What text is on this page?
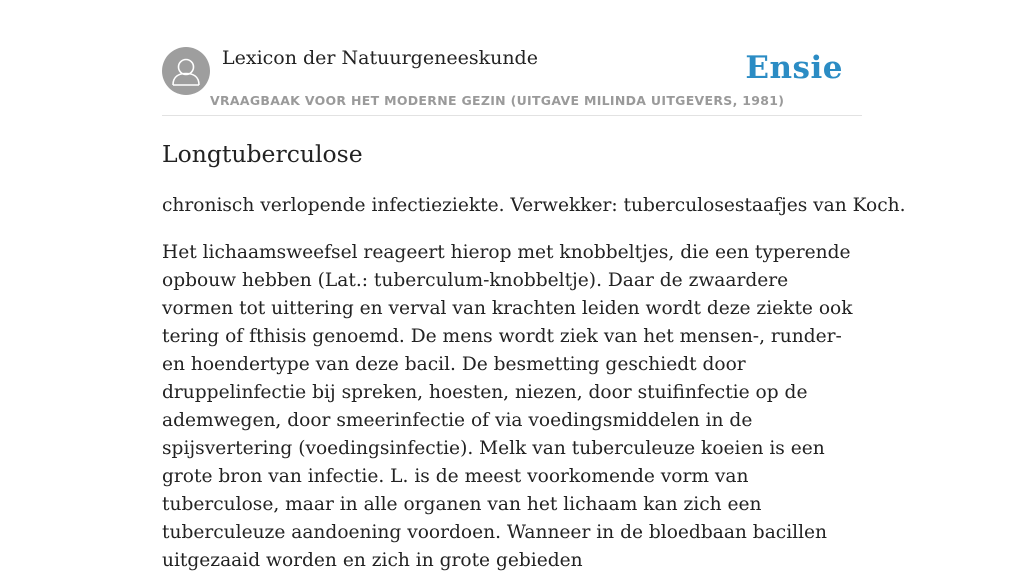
Lexicon der Natuurgeneeskunde
VRAAGBAAK VOOR HET MODERNE GEZIN (UITGAVE MILINDA UITGEVERS, 1981)
Ensie
Longtuberculose

chronisch verlopende infectieziekte. Verwekker: tuberculosestaafjes van Koch.

Het lichaamsweefsel reageert hierop met knobbeltjes, die een typerende opbouw hebben (Lat.: tuberculum-knobbeltje). Daar de zwaardere vormen tot uittering en verval van krachten leiden wordt deze ziekte ook tering of fthisis genoemd. De mens wordt ziek van het mensen-, runder- en hoendertype van deze bacil. De besmetting geschiedt door druppelinfectie bij spreken, hoesten, niezen, door stuifinfectie op de ademwegen, door smeerinfectie of via voedingsmiddelen in de spijsvertering (voedingsinfectie). Melk van tuberculeuze koeien is een grote bron van infectie. L. is de meest voorkomende vorm van tuberculose, maar in alle organen van het lichaam kan zich een tuberculeuze aandoening voordoen. Wanneer in de bloedbaan bacillen uitgezaaid worden en zich in grote gebieden
